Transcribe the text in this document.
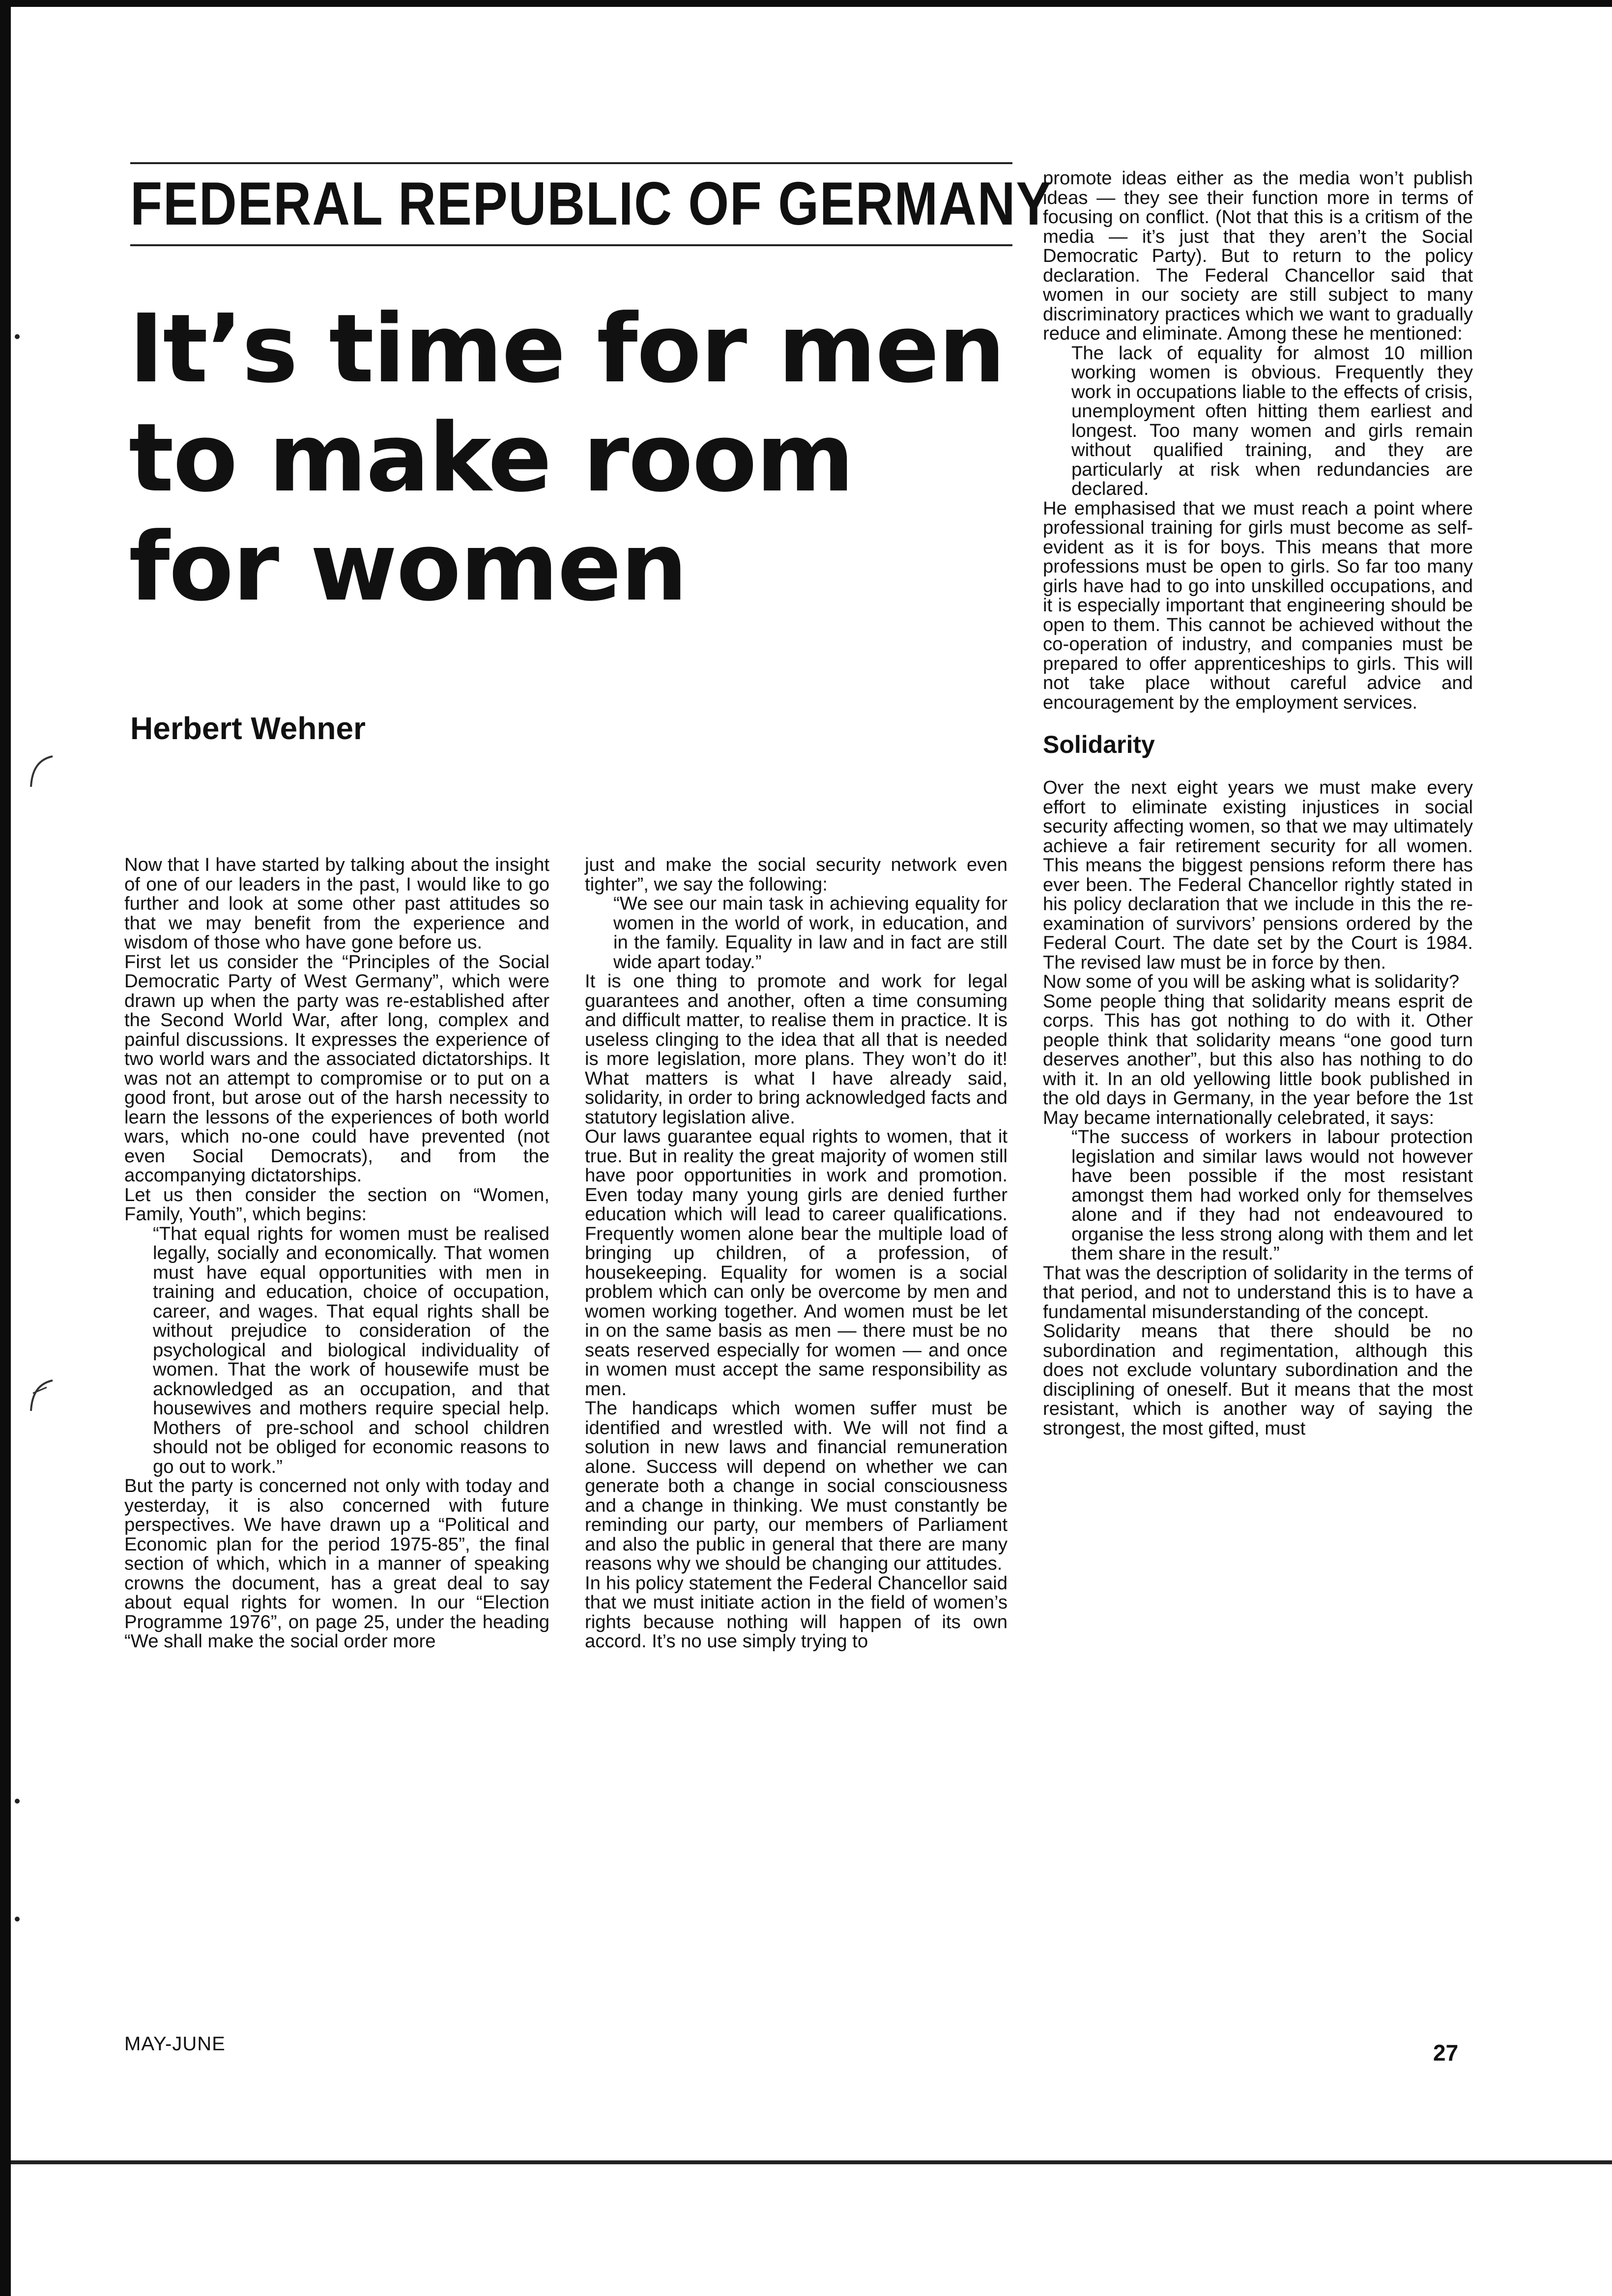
FEDERAL REPUBLIC OF GERMANY
It’s time for men
to make room
for women

Herbert Wehner

Now that I have started by talking about the insight of one of our leaders in the past, I would like to go further and look at some other past attitudes so that we may benefit from the experience and wisdom of those who have gone before us.

First let us consider the “Principles of the Social Democratic Party of West Germany”, which were drawn up when the party was re-established after the Second World War, after long, complex and painful discussions. It expresses the experience of two world wars and the associated dictatorships. It was not an attempt to compromise or to put on a good front, but arose out of the harsh necessity to learn the lessons of the experiences of both world wars, which no-one could have prevented (not even Social Democrats), and from the accompanying dictatorships.

Let us then consider the section on “Women, Family, Youth”, which begins:

“That equal rights for women must be realised legally, socially and economically. That women must have equal opportunities with men in training and education, choice of occupation, career, and wages. That equal rights shall be without prejudice to consideration of the psychological and biological individuality of women. That the work of housewife must be acknowledged as an occupation, and that housewives and mothers require special help. Mothers of pre-school and school children should not be obliged for economic reasons to go out to work.”

But the party is concerned not only with today and yesterday, it is also concerned with future perspectives. We have drawn up a “Political and Economic plan for the period 1975-85”, the final section of which, which in a manner of speaking crowns the document, has a great deal to say about equal rights for women. In our “Election Programme 1976”, on page 25, under the heading “We shall make the social order more

just and make the social security network even tighter”, we say the following:

“We see our main task in achieving equality for women in the world of work, in education, and in the family. Equality in law and in fact are still wide apart today.”

It is one thing to promote and work for legal guarantees and another, often a time consuming and difficult matter, to realise them in practice. It is useless clinging to the idea that all that is needed is more legislation, more plans. They won’t do it! What matters is what I have already said, solidarity, in order to bring acknowledged facts and statutory legislation alive.

Our laws guarantee equal rights to women, that it true. But in reality the great majority of women still have poor opportunities in work and promotion. Even today many young girls are denied further education which will lead to career qualifications. Frequently women alone bear the multiple load of bringing up children, of a profession, of housekeeping. Equality for women is a social problem which can only be overcome by men and women working together. And women must be let in on the same basis as men — there must be no seats reserved especially for women — and once in women must accept the same responsibility as men.

The handicaps which women suffer must be identified and wrestled with. We will not find a solution in new laws and financial remuneration alone. Success will depend on whether we can generate both a change in social consciousness and a change in thinking. We must constantly be reminding our party, our members of Parliament and also the public in general that there are many reasons why we should be changing our attitudes.

In his policy statement the Federal Chancellor said that we must initiate action in the field of women’s rights because nothing will happen of its own accord. It’s no use simply trying to

promote ideas either as the media won’t publish ideas — they see their function more in terms of focusing on conflict. (Not that this is a critism of the media — it’s just that they aren’t the Social Democratic Party). But to return to the policy declaration. The Federal Chancellor said that women in our society are still subject to many discriminatory practices which we want to gradually reduce and eliminate. Among these he mentioned:

The lack of equality for almost 10 million working women is obvious. Frequently they work in occupations liable to the effects of crisis, unemployment often hitting them earliest and longest. Too many women and girls remain without qualified training, and they are particularly at risk when redundancies are declared.

He emphasised that we must reach a point where professional training for girls must become as self-evident as it is for boys. This means that more professions must be open to girls. So far too many girls have had to go into unskilled occupations, and it is especially important that engineering should be open to them. This cannot be achieved without the co-operation of industry, and companies must be prepared to offer apprenticeships to girls. This will not take place without careful advice and encouragement by the employment services.

Solidarity

Over the next eight years we must make every effort to eliminate existing injustices in social security affecting women, so that we may ultimately achieve a fair retirement security for all women. This means the biggest pensions reform there has ever been. The Federal Chancellor rightly stated in his policy declaration that we include in this the re-examination of survivors’ pensions ordered by the Federal Court. The date set by the Court is 1984. The revised law must be in force by then.

Now some of you will be asking what is solidarity?

Some people thing that solidarity means esprit de corps. This has got nothing to do with it. Other people think that solidarity means “one good turn deserves another”, but this also has nothing to do with it. In an old yellowing little book published in the old days in Germany, in the year before the 1st May became internationally celebrated, it says:

“The success of workers in labour protection legislation and similar laws would not however have been possible if the most resistant amongst them had worked only for themselves alone and if they had not endeavoured to organise the less strong along with them and let them share in the result.”

That was the description of solidarity in the terms of that period, and not to understand this is to have a fundamental misunderstanding of the concept.

Solidarity means that there should be no subordination and regimentation, although this does not exclude voluntary subordination and the disciplining of oneself. But it means that the most resistant, which is another way of saying the strongest, the most gifted, must

MAY-JUNE	27
